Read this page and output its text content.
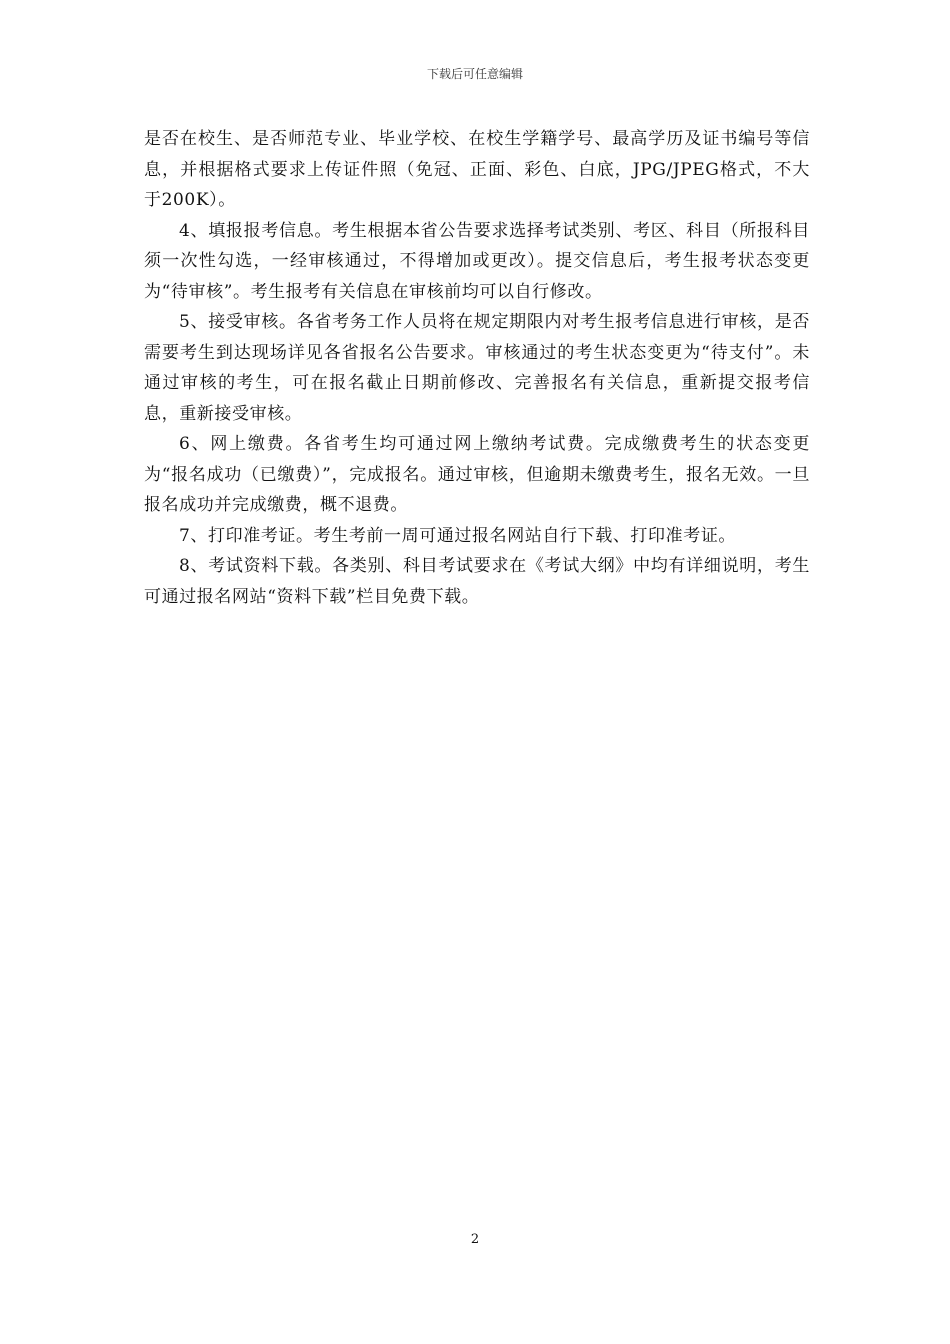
下载后可任意编辑

是否在校生、是否师范专业、毕业学校、在校生学籍学号、最高学历及证书编号等信息，并根据格式要求上传证件照（免冠、正面、彩色、白底，JPG/JPEG格式，不大于200K）。

4、填报报考信息。考生根据本省公告要求选择考试类别、考区、科目（所报科目须一次性勾选，一经审核通过，不得增加或更改）。提交信息后，考生报考状态变更为“待审核”。考生报考有关信息在审核前均可以自行修改。

5、接受审核。各省考务工作人员将在规定期限内对考生报考信息进行审核，是否需要考生到达现场详见各省报名公告要求。审核通过的考生状态变更为“待支付”。未通过审核的考生，可在报名截止日期前修改、完善报名有关信息，重新提交报考信息，重新接受审核。

6、网上缴费。各省考生均可通过网上缴纳考试费。完成缴费考生的状态变更为“报名成功（已缴费）”，完成报名。通过审核，但逾期未缴费考生，报名无效。一旦报名成功并完成缴费，概不退费。

7、打印准考证。考生考前一周可通过报名网站自行下载、打印准考证。

8、考试资料下载。各类别、科目考试要求在《考试大纲》中均有详细说明，考生可通过报名网站“资料下载”栏目免费下载。

2
